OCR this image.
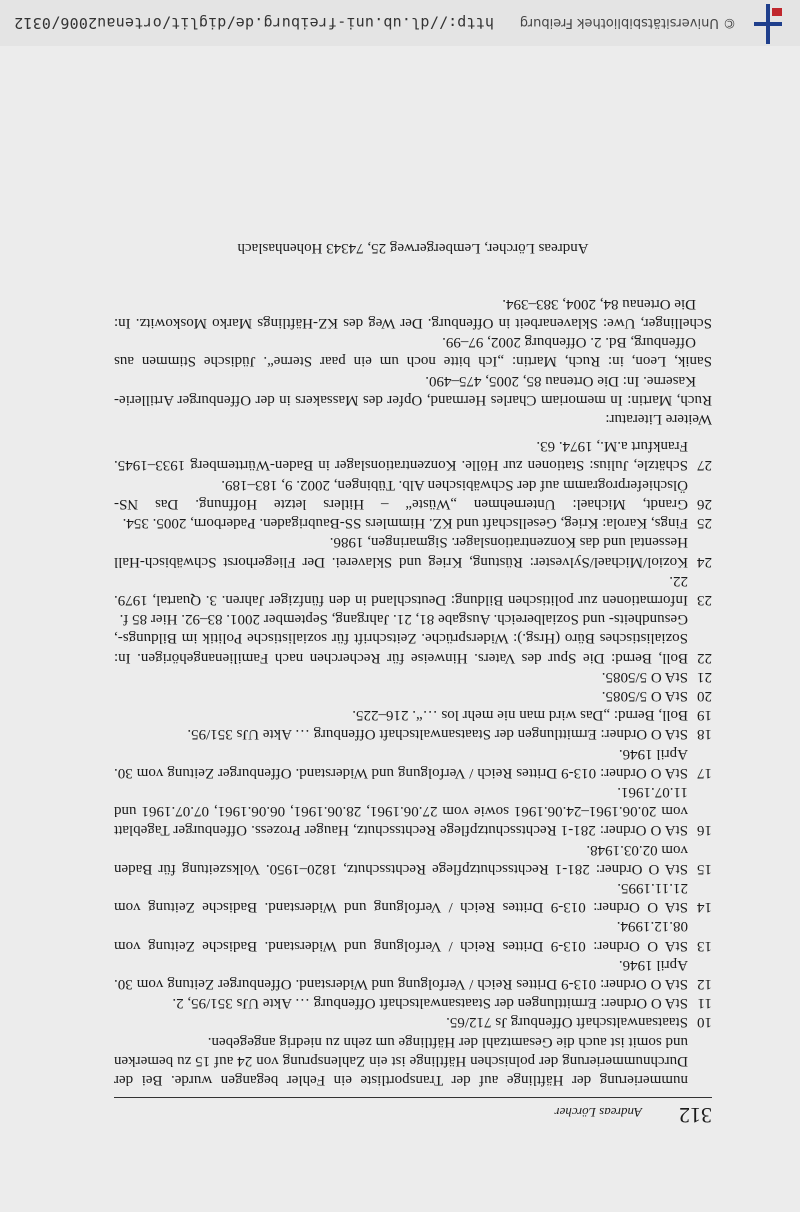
312
Andreas Lörcher
nummerierung der Häftlinge auf der Transportliste ein Fehler begangen wurde. Bei der Durchnummerierung der polnischen Häftlinge ist ein Zahlensprung von 24 auf 15 zu bemerken und somit ist auch die Gesamtzahl der Häftlinge um zehn zu niedrig angegeben.
10
Staatsanwaltschaft Offenburg Js 712/65.
11
StA O Ordner: Ermittlungen der Staatsanwaltschaft Offenburg … Akte UJs 351/95, 2.
12
StA O Ordner: 013-9 Drittes Reich / Verfolgung und Widerstand. Offenburger Zeitung vom 30. April 1946.
13
StA O Ordner: 013-9 Drittes Reich / Verfolgung und Widerstand. Badische Zeitung vom 08.12.1994.
14
StA O Ordner: 013-9 Drittes Reich / Verfolgung und Widerstand. Badische Zeitung vom 21.11.1995.
15
StA O Ordner: 281-1 Rechtsschutzpflege Rechtsschutz, 1820–1950. Volkszeitung für Baden vom 02.03.1948.
16
StA O Ordner: 281-1 Rechtsschutzpflege Rechtsschutz, Hauger Prozess. Offenburger Tageblatt vom 20.06.1961–24.06.1961 sowie vom 27.06.1961, 28.06.1961, 06.06.1961, 07.07.1961 und 11.07.1961.
17
StA O Ordner: 013-9 Drittes Reich / Verfolgung und Widerstand. Offenburger Zeitung vom 30. April 1946.
18
StA O Ordner: Ermittlungen der Staatsanwaltschaft Offenburg … Akte UJs 351/95.
19
Boll, Bernd: „Das wird man nie mehr los …“. 216–225.
20
StA O 5/5085.
21
StA O 5/5085.
22
Boll, Bernd: Die Spur des Vaters. Hinweise für Recherchen nach Familienangehörigen. In: Sozialistisches Büro (Hrsg.): Widersprüche. Zeitschrift für sozialistische Politik im Bildungs-, Gesundheits- und Sozialbereich. Ausgabe 81, 21. Jahrgang, September 2001. 83–92. Hier 85 f.
23
Informationen zur politischen Bildung: Deutschland in den fünfziger Jahren. 3. Quartal, 1979. 22.
24
Koziol/Michael/Sylvester: Rüstung, Krieg und Sklaverei. Der Fliegerhorst Schwäbisch-Hall Hessental und das Konzentrationslager. Sigmaringen, 1986.
25
Fings, Karola: Krieg, Gesellschaft und KZ. Himmlers SS-Baubrigaden. Paderborn, 2005. 354.
26
Grandt, Michael: Unternehmen „Wüste“ – Hitlers letzte Hoffnung. Das NS-Ölschieferprogramm auf der Schwäbischen Alb. Tübingen, 2002. 9, 183–189.
27
Schätzle, Julius: Stationen zur Hölle. Konzentrationslager in Baden-Württemberg 1933–1945. Frankfurt a.M., 1974. 63.
Weitere Literatur:
Ruch, Martin: In memoriam Charles Hermand, Opfer des Massakers in der Offenburger Artillerie-Kaserne. In: Die Ortenau 85, 2005, 475–490.
Sanik, Leon, in: Ruch, Martin: „Ich bitte noch um ein paar Sterne“. Jüdische Stimmen aus Offenburg, Bd. 2. Offenburg 2002, 97–99.
Schellinger, Uwe: Sklavenarbeit in Offenburg. Der Weg des KZ-Häftlings Marko Moskowitz. In: Die Ortenau 84, 2004, 383–394.
Andreas Lörcher, Lembergerweg 25, 74343 Hohenhaslach
© Universitätsbibliothek Freiburg
http://dl.ub.uni-freiburg.de/diglit/ortenau2006/0312
